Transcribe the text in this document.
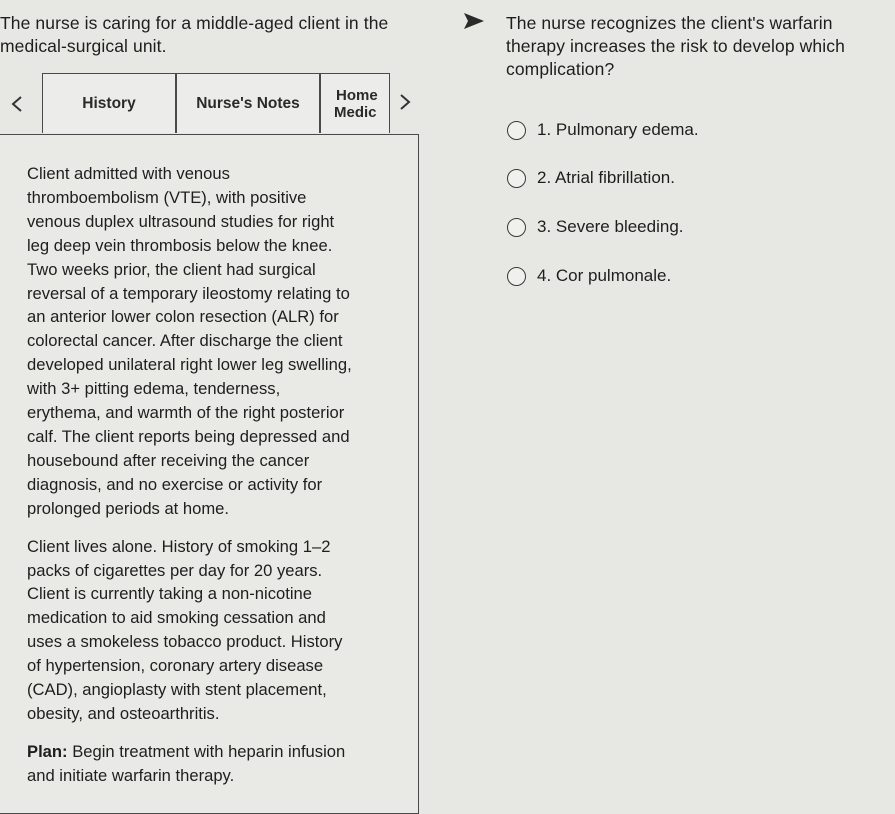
The nurse is caring for a middle-aged client in the
medical-surgical unit.
The nurse recognizes the client's warfarin
therapy increases the risk to develop which
complication?
History	Nurse's Notes Home
Medic

Client admitted with venous
thromboembolism (VTE), with positive
venous duplex ultrasound studies for right
leg deep vein thrombosis below the knee.
Two weeks prior, the client had surgical
reversal of a temporary ileostomy relating to
an anterior lower colon resection (ALR) for
colorectal cancer. After discharge the client
developed unilateral right lower leg swelling,
with 3+ pitting edema, tenderness,
erythema, and warmth of the right posterior
calf. The client reports being depressed and
housebound after receiving the cancer
diagnosis, and no exercise or activity for
prolonged periods at home.

Client lives alone. History of smoking 1–2
packs of cigarettes per day for 20 years.
Client is currently taking a non-nicotine
medication to aid smoking cessation and
uses a smokeless tobacco product. History
of hypertension, coronary artery disease
(CAD), angioplasty with stent placement,
obesity, and osteoarthritis.

Plan: Begin treatment with heparin infusion
and initiate warfarin therapy.

1. Pulmonary edema.
2. Atrial fibrillation.
3. Severe bleeding.
4. Cor pulmonale.
